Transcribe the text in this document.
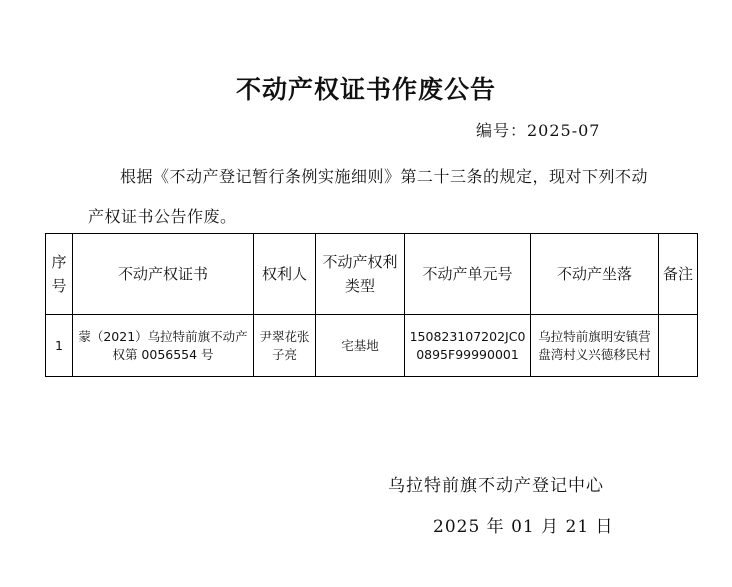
不动产权证书作废公告
编号：2025-07
根据《不动产登记暂行条例实施细则》第二十三条的规定，现对下列不动产权证书公告作废。
序号	不动产权证书	权利人	不动产权利类型	不动产单元号	不动产坐落	备注
1	蒙（2021）乌拉特前旗不动产权第 0056554 号	尹翠花张子亮	宅基地	150823107202JC00895F99990001	乌拉特前旗明安镇营盘湾村义兴德移民村	
乌拉特前旗不动产登记中心
2025 年 01 月 21 日
